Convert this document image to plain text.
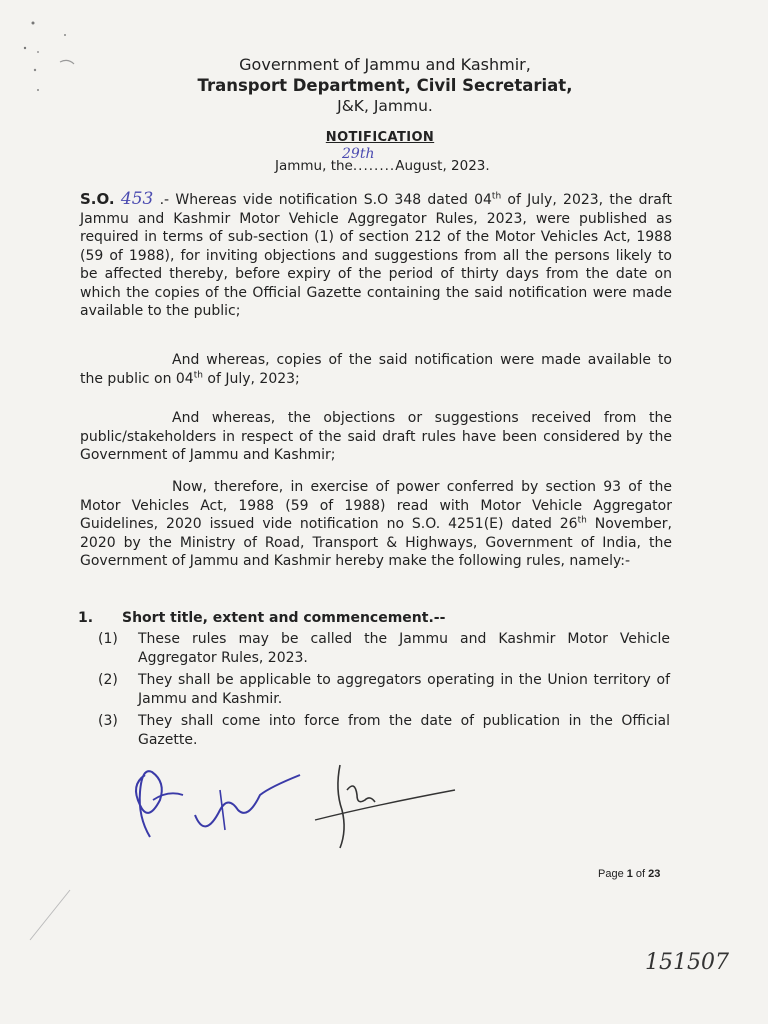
Government of Jammu and Kashmir,
Transport Department, Civil Secretariat,
J&K, Jammu.
NOTIFICATION
Jammu, the........August, 2023.
29th
S.O. 453 .- Whereas vide notification S.O 348 dated 04th of July, 2023, the draft Jammu and Kashmir Motor Vehicle Aggregator Rules, 2023, were published as required in terms of sub-section (1) of section 212 of the Motor Vehicles Act, 1988 (59 of 1988), for inviting objections and suggestions from all the persons likely to be affected thereby, before expiry of the period of thirty days from the date on which the copies of the Official Gazette containing the said notification were made available to the public;
And whereas, copies of the said notification were made available to the public on 04th of July, 2023;
And whereas, the objections or suggestions received from the public/stakeholders in respect of the said draft rules have been considered by the Government of Jammu and Kashmir;
Now, therefore, in exercise of power conferred by section 93 of the Motor Vehicles Act, 1988 (59 of 1988) read with Motor Vehicle Aggregator Guidelines, 2020 issued vide notification no S.O. 4251(E) dated 26th November, 2020 by the Ministry of Road, Transport & Highways, Government of India, the Government of Jammu and Kashmir hereby make the following rules, namely:-
1. Short title, extent and commencement.--
(1)	These rules may be called the Jammu and Kashmir Motor Vehicle Aggregator Rules, 2023.
(2)	They shall be applicable to aggregators operating in the Union territory of Jammu and Kashmir.
(3)	They shall come into force from the date of publication in the Official Gazette.
Page 1 of 23
151507
